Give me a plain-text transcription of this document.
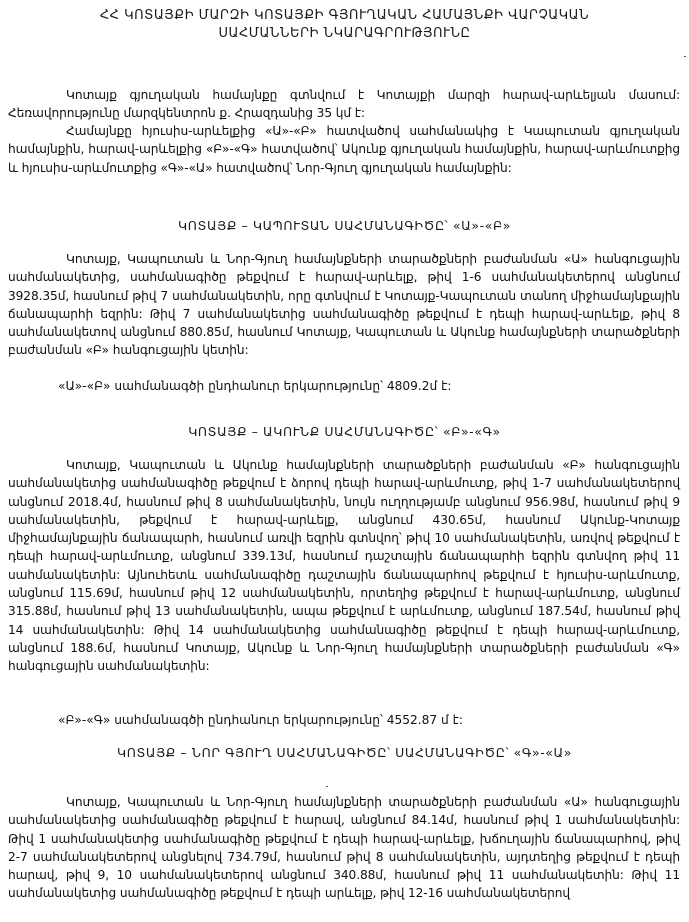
ՀՀ ԿՈՏԱՅՔԻ ՄԱՐԶԻ ԿՈՏԱՅՔԻ ԳՅՈՒՂԱԿԱՆ ՀԱՄԱՅՆՔԻ ՎԱՐՉԱԿԱՆ
ՍԱՀՄԱՆՆԵՐԻ ՆԿԱՐԱԳՐՈՒԹՅՈՒՆԸ
Կոտայք գյուղական համայնքը գտնվում է Կոտայքի մարզի հարավ-արևելյան մասում: Հեռավորությունը մարզկենտրոն ք. Հրազդանից 35 կմ է:
Համայնքը հյուսիս-արևելքից «Ա»-«Բ» հատվածով սահմանակից է Կապուտան գյուղական համայնքին, հարավ-արևելքից «Բ»-«Գ» հատվածով՝ Ակունք գյուղական համայնքին, հարավ-արևմուտքից և հյուսիս-արևմուտքից «Գ»-«Ա» հատվածով՝ Նոր-Գյուղ գյուղական համայնքին:
ԿՈՏԱՅՔ – ԿԱՊՈՒՏԱՆ ՍԱՀՄԱՆԱԳԻԾԸ՝ «Ա»-«Բ»
Կոտայք, Կապուտան և Նոր-Գյուղ համայնքների տարածքների բաժանման «Ա» հանգուցային սահմանակետից, սահմանագիծը թեքվում է հարավ-արևելք, թիվ 1-6 սահմանակետերով անցնում 3928.35մ, հասնում թիվ 7 սահմանակետին, որը գտնվում է Կոտայք-Կապուտան տանող միջհամայնքային ճանապարհի եզրին: Թիվ 7 սահմանակետից սահմանագիծը թեքվում է դեպի հարավ-արևելք, թիվ 8 սահմանակետով անցնում 880.85մ, հասնում Կոտայք, Կապուտան և Ակունք համայնքների տարածքների բաժանման «Բ» հանգուցային կետին:
«Ա»-«Բ» սահմանագծի ընդհանուր երկարությունը՝ 4809.2մ է:
ԿՈՏԱՅՔ – ԱԿՈՒՆՔ ՍԱՀՄԱՆԱԳԻԾԸ՝ «Բ»-«Գ»
Կոտայք, Կապուտան և Ակունք համայնքների տարածքների բաժանման «Բ» հանգուցային սահմանակետից սահմանագիծը թեքվում է ձորով դեպի հարավ-արևմուտք, թիվ 1-7 սահմանակետերով անցնում 2018.4մ, հասնում թիվ 8 սահմանակետին, նույն ուղղությամբ անցնում 956.98մ, հասնում թիվ 9 սահմանակետին, թեքվում է հարավ-արևելք, անցնում 430.65մ, հասնում Ակունք-Կոտայք միջհամայնքային ճանապարհ, հասնում առվի եզրին գտնվող՝ թիվ 10 սահմանակետին, առվով թեքվում է դեպի հարավ-արևմուտք, անցնում 339.13մ, հասնում դաշտային ճանապարհի եզրին գտնվող թիվ 11 սահմանակետին: Այնուհետև սահմանագիծը դաշտային ճանապարհով թեքվում է հյուսիս-արևմուտք, անցնում 115.69մ, հասնում թիվ 12 սահմանակետին, որտեղից թեքվում է հարավ-արևմուտք, անցնում 315.88մ, հասնում թիվ 13 սահմանակետին, ապա թեքվում է արևմուտք, անցնում 187.54մ, հասնում թիվ 14 սահմանակետին: Թիվ 14 սահմանակետից սահմանագիծը թեքվում է դեպի հարավ-արևմուտք, անցնում 188.6մ, հասնում Կոտայք, Ակունք և Նոր-Գյուղ համայնքների տարածքների բաժանման «Գ» հանգուցային սահմանակետին:
«Բ»-«Գ» սահմանագծի ընդհանուր երկարությունը՝ 4552.87 մ է:
ԿՈՏԱՅՔ – ՆՈՐ ԳՅՈՒՂ ՍԱՀՄԱՆԱԳԻԾԸ՝ ՍԱՀՄԱՆԱԳԻԾԸ՝ «Գ»-«Ա»
Կոտայք, Կապուտան և Նոր-Գյուղ համայնքների տարածքների բաժանման «Ա» հանգուցային սահմանակետից սահմանագիծը թեքվում է հարավ, անցնում 84.14մ, հասնում թիվ 1 սահմանակետին: Թիվ 1 սահմանակետից սահմանագիծը թեքվում է դեպի հարավ-արևելք, խճուղային ճանապարհով, թիվ 2-7 սահմանակետերով անցնելով 734.79մ, հասնում թիվ 8 սահմանակետին, այդտեղից թեքվում է դեպի հարավ, թիվ 9, 10 սահմանակետերով անցնում 340.88մ, հասնում թիվ 11 սահմանակետին: Թիվ 11 սահմանակետից սահմանագիծը թեքվում է դեպի արևելք, թիվ 12-16 սահմանակետերով
